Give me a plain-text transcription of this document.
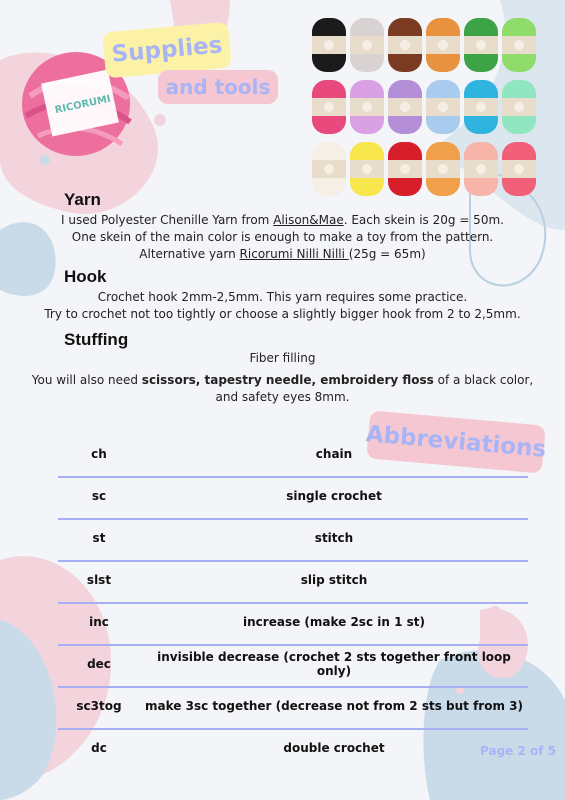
RICORUMI
Supplies
and tools
Yarn
I used Polyester Chenille Yarn from Alison&Mae. Each skein is 20g = 50m.
One skein of the main color is enough to make a toy from the pattern.
Alternative yarn Ricorumi Nilli Nilli (25g = 65m)
Hook
Crochet hook 2mm-2,5mm. This yarn requires some practice.
Try to crochet not too tightly or choose a slightly bigger hook from 2 to 2,5mm.
Stuffing
Fiber filling
You will also need scissors, tapestry needle, embroidery floss of a black color,
and safety eyes 8mm.
Abbreviations
ch	chain
sc	single crochet
st	stitch
slst	slip stitch
inc	increase (make 2sc in 1 st)
dec	invisible decrease (crochet 2 sts together front loop only)
sc3tog	make 3sc together (decrease not from 2 sts but from 3)
dc	double crochet	Page 2 of 5
